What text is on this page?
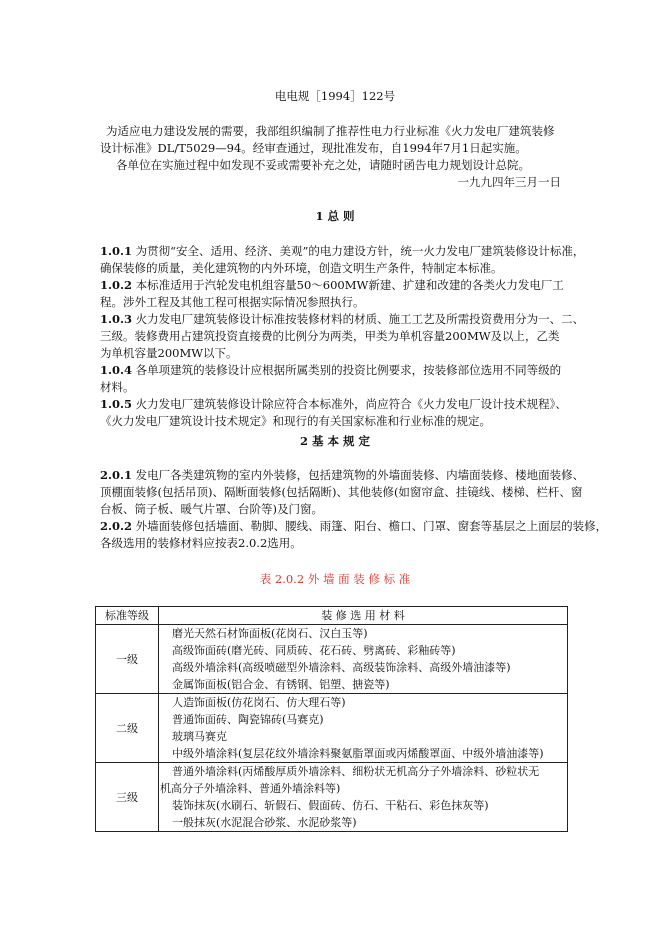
电电规［1994］122号
为适应电力建设发展的需要，我部组织编制了推荐性电力行业标准《火力发电厂建筑装修
设计标准》DL/T5029—94。经审查通过，现批准发布，自1994年7月1日起实施。
各单位在实施过程中如发现不妥或需要补充之处，请随时函告电力规划设计总院。
一九九四年三月一日
1 总 则
1.0.1 为贯彻“安全、适用、经济、美观”的电力建设方针，统一火力发电厂建筑装修设计标准，
确保装修的质量，美化建筑物的内外环境，创造文明生产条件，特制定本标准。
1.0.2 本标准适用于汽轮发电机组容量50～600MW新建、扩建和改建的各类火力发电厂工
程。涉外工程及其他工程可根据实际情况参照执行。
1.0.3 火力发电厂建筑装修设计标准按装修材料的材质、施工工艺及所需投资费用分为一、二、
三级。装修费用占建筑投资直接费的比例分为两类，甲类为单机容量200MW及以上，乙类
为单机容量200MW以下。
1.0.4 各单项建筑的装修设计应根据所属类别的投资比例要求，按装修部位选用不同等级的
材料。
1.0.5 火力发电厂建筑装修设计除应符合本标准外，尚应符合《火力发电厂设计技术规程》、
《火力发电厂建筑设计技术规定》和现行的有关国家标准和行业标准的规定。
2 基 本 规 定
2.0.1 发电厂各类建筑物的室内外装修，包括建筑物的外墙面装修、内墙面装修、楼地面装修、
顶棚面装修(包括吊顶)、隔断面装修(包括隔断)、其他装修(如窗帘盒、挂镜线、楼梯、栏杆、窗
台板、筒子板、暖气片罩、台阶等)及门窗。
2.0.2 外墙面装修包括墙面、勒脚、腰线、雨篷、阳台、檐口、门罩、窗套等基层之上面层的装修，
各级选用的装修材料应按表2.0.2选用。
表 2.0.2 外 墙 面 装 修 标 准
标准等级	装 修 选 用 材 料
一级	磨光天然石材饰面板(花岗石、汉白玉等)
高级饰面砖(磨光砖、同质砖、花石砖、劈离砖、彩釉砖等)
高级外墙涂料(高级喷磁型外墙涂料、高级装饰涂料、高级外墙油漆等)
金属饰面板(铝合金、有锈钢、铝塑、搪瓷等)

二级	人造饰面板(仿花岗石、仿大理石等)
普通饰面砖、陶瓷锦砖(马赛克)
玻璃马赛克
中级外墙涂料(复层花纹外墙涂料聚氨脂罩面或丙烯酸罩面、中级外墙油漆等)

三级	普通外墙涂料(丙烯酸厚质外墙涂料、细粉状无机高分子外墙涂料、砂粒状无
机高分子外墙涂料、普通外墙涂料等)
装饰抹灰(水刷石、斩假石、假面砖、仿石、干粘石、彩色抹灰等)
一般抹灰(水泥混合砂浆、水泥砂浆等)
